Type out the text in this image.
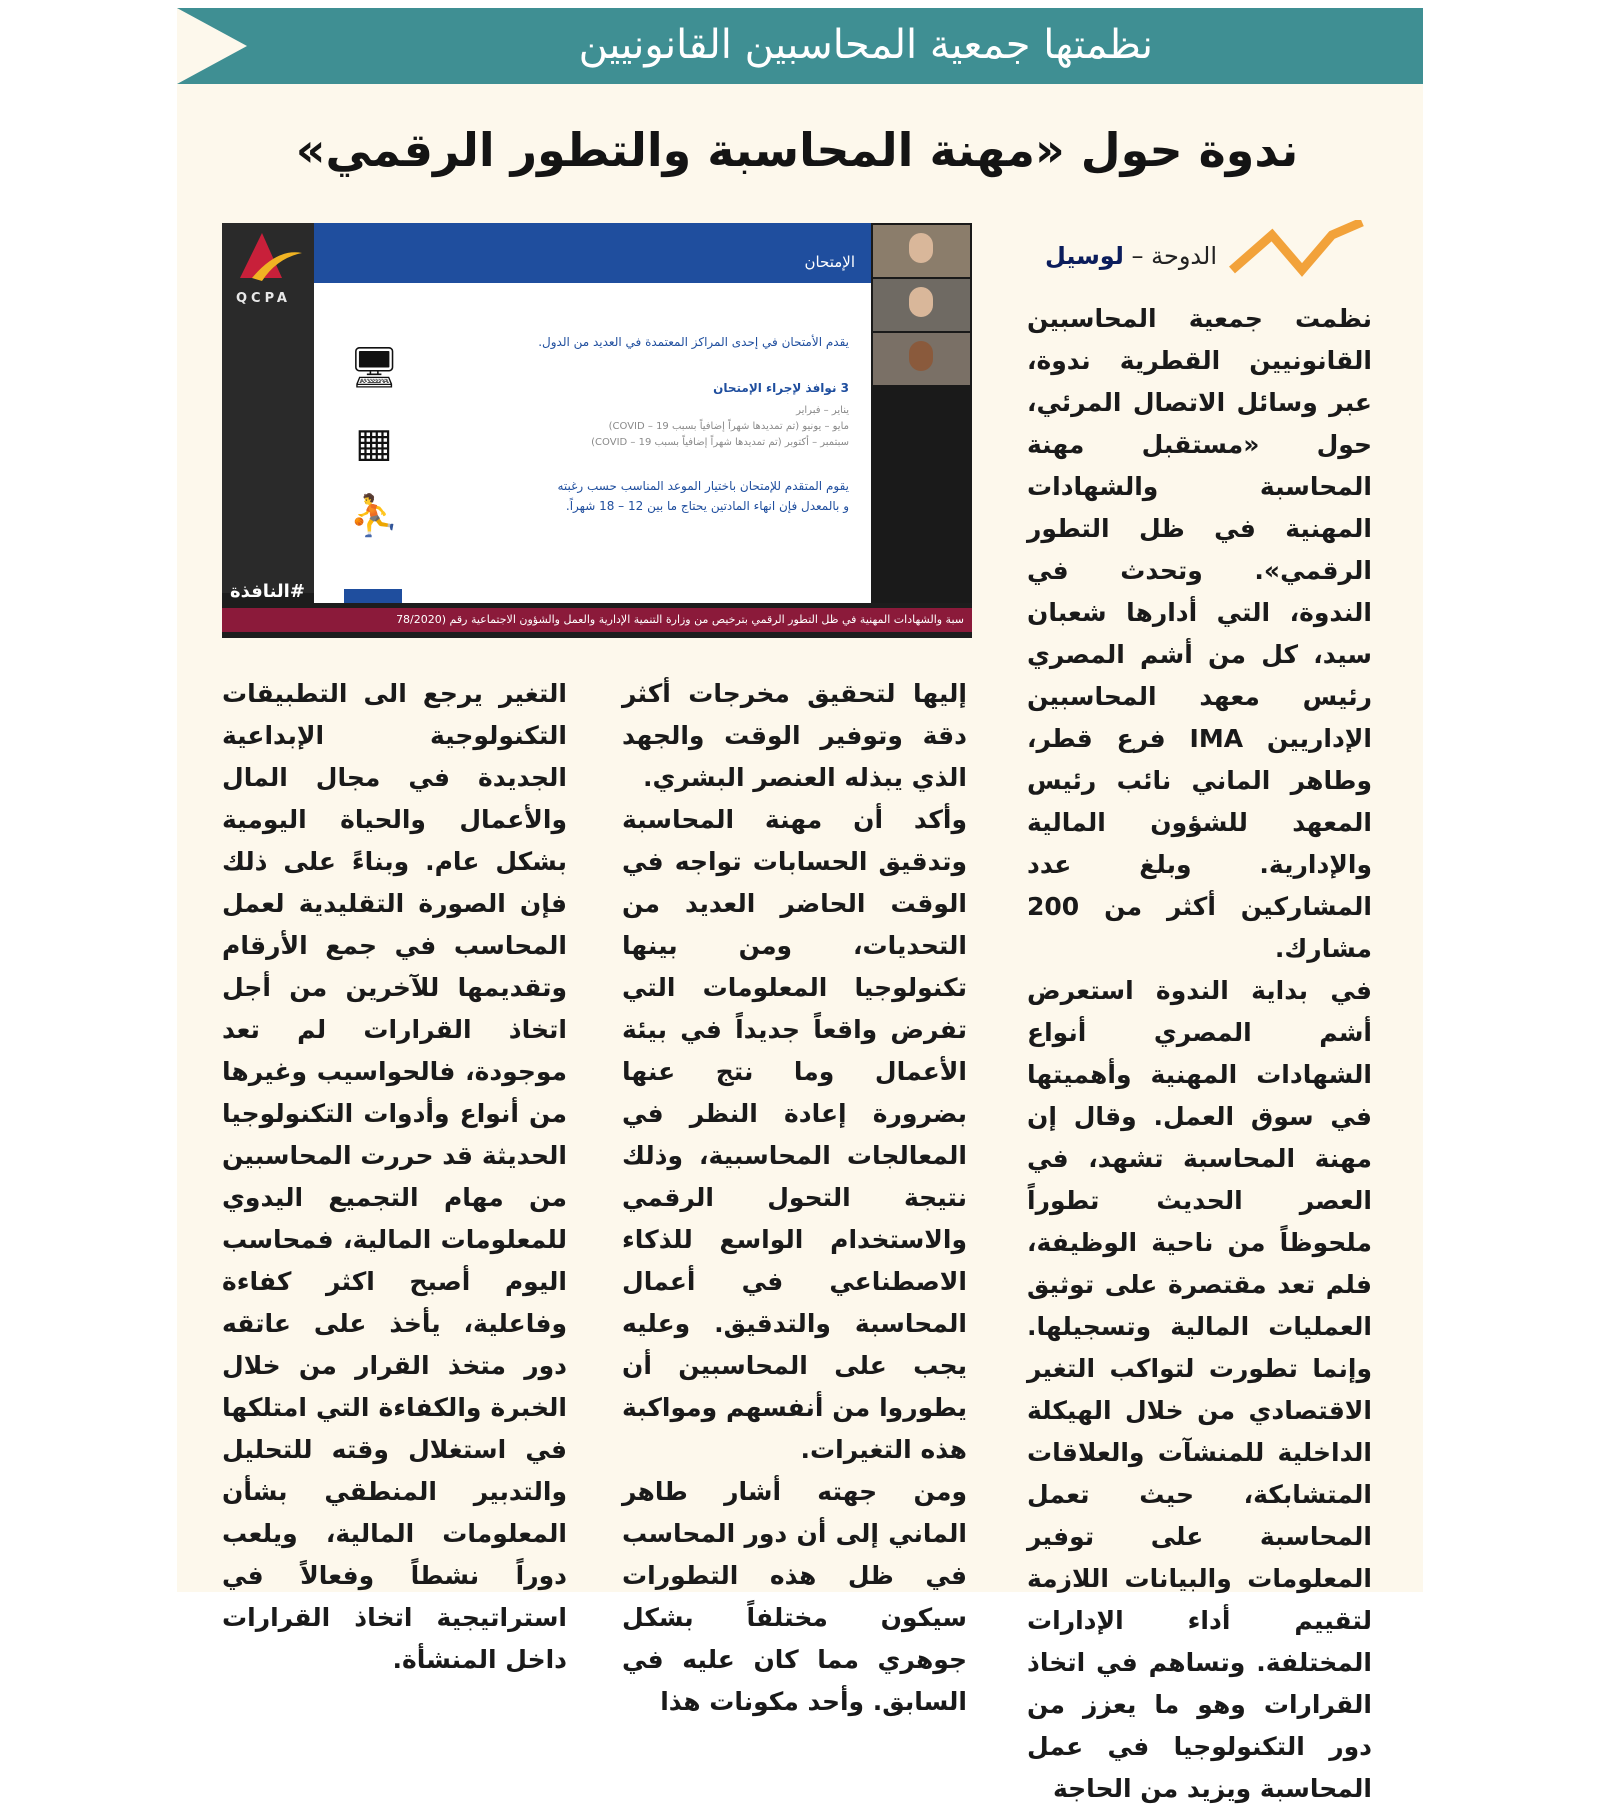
نظمتها جمعية المحاسبين القانونيين
ندوة حول «مهنة المحاسبة والتطور الرقمي»
الدوحة – لوسيل
QCPA
#النافذة
الإمتحان

يقدم الأمتحان في إحدى المراكز المعتمدة في العديد من الدول.

3 نوافذ لإجراء الإمتحان

يناير – فبراير

مايو – يونيو (تم تمديدها شهراً إضافياً بسبب 19 – COVID)

سبتمبر – أكتوبر (تم تمديدها شهراً إضافياً بسبب 19 – COVID)

يقوم المتقدم للإمتحان باختيار الموعد المناسب حسب رغبته

و بالمعدل فإن انهاء المادتين يحتاج ما بين 12 – 18 شهراً.

🖥
▦
⛹
سبة والشهادات المهنية في ظل التطور الرقمي بترخيص من وزارة التنمية الإدارية والعمل والشؤون الاجتماعية رقم (78/2020

نظمت جمعية المحاسبين القانونيين القطرية ندوة، عبر وسائل الاتصال المرئي، حول «مستقبل مهنة المحاسبة والشهادات المهنية في ظل التطور الرقمي». وتحدث في الندوة، التي أدارها شعبان سيد، كل من أشم المصري رئيس معهد المحاسبين الإداريين IMA فرع قطر، وطاهر الماني نائب رئيس المعهد للشؤون المالية والإدارية. وبلغ عدد المشاركين أكثر من 200 مشارك.

في بداية الندوة استعرض أشم المصري أنواع الشهادات المهنية وأهميتها في سوق العمل. وقال إن مهنة المحاسبة تشهد، في العصر الحديث تطوراً ملحوظاً من ناحية الوظيفة، فلم تعد مقتصرة على توثيق العمليات المالية وتسجيلها. وإنما تطورت لتواكب التغير الاقتصادي من خلال الهيكلة الداخلية للمنشآت والعلاقات المتشابكة، حيث تعمل المحاسبة على توفير المعلومات والبيانات اللازمة لتقييم أداء الإدارات المختلفة. وتساهم في اتخاذ القرارات وهو ما يعزز من دور التكنولوجيا في عمل المحاسبة ويزيد من الحاجة

إليها لتحقيق مخرجات أكثر دقة وتوفير الوقت والجهد الذي يبذله العنصر البشري.

وأكد أن مهنة المحاسبة وتدقيق الحسابات تواجه في الوقت الحاضر العديد من التحديات، ومن بينها تكنولوجيا المعلومات التي تفرض واقعاً جديداً في بيئة الأعمال وما نتج عنها بضرورة إعادة النظر في المعالجات المحاسبية، وذلك نتيجة التحول الرقمي والاستخدام الواسع للذكاء الاصطناعي في أعمال المحاسبة والتدقيق. وعليه يجب على المحاسبين أن يطوروا من أنفسهم ومواكبة هذه التغيرات.

ومن جهته أشار طاهر الماني إلى أن دور المحاسب في ظل هذه التطورات سيكون مختلفاً بشكل جوهري مما كان عليه في السابق. وأحد مكونات هذا

التغير يرجع الى التطبيقات التكنولوجية الإبداعية الجديدة في مجال المال والأعمال والحياة اليومية بشكل عام. وبناءً على ذلك فإن الصورة التقليدية لعمل المحاسب في جمع الأرقام وتقديمها للآخرين من أجل اتخاذ القرارات لم تعد موجودة، فالحواسيب وغيرها من أنواع وأدوات التكنولوجيا الحديثة قد حررت المحاسبين من مهام التجميع اليدوي للمعلومات المالية، فمحاسب اليوم أصبح اكثر كفاءة وفاعلية، يأخذ على عاتقه دور متخذ القرار من خلال الخبرة والكفاءة التي امتلكها في استغلال وقته للتحليل والتدبير المنطقي بشأن المعلومات المالية، ويلعب دوراً نشطاً وفعالاً في استراتيجية اتخاذ القرارات داخل المنشأة.
